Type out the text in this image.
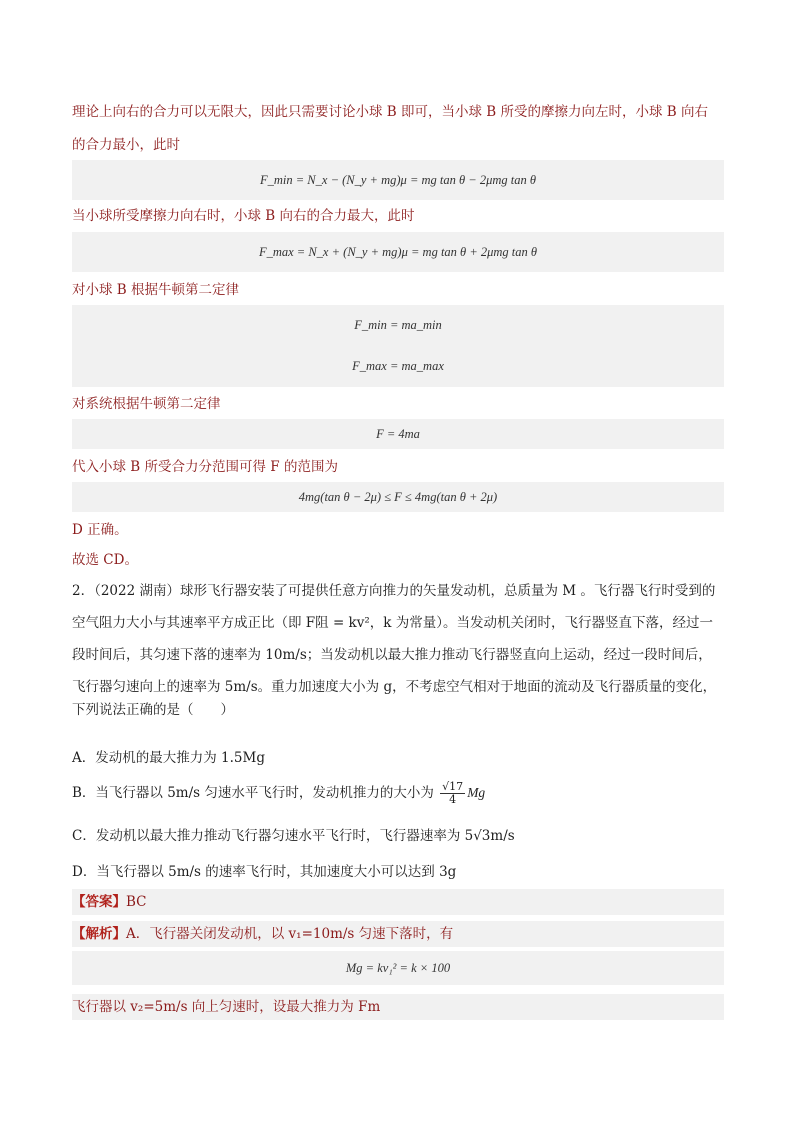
理论上向右的合力可以无限大，因此只需要讨论小球 B 即可，当小球 B 所受的摩擦力向左时，小球 B 向右
的合力最小，此时
F_min = N_x − (N_y + mg)μ = mg tan θ − 2μmg tan θ
当小球所受摩擦力向右时，小球 B 向右的合力最大，此时
F_max = N_x + (N_y + mg)μ = mg tan θ + 2μmg tan θ
对小球 B 根据牛顿第二定律
F_min = ma_min
F_max = ma_max
对系统根据牛顿第二定律
F = 4ma
代入小球 B 所受合力分范围可得 F 的范围为
4mg(tan θ − 2μ) ≤ F ≤ 4mg(tan θ + 2μ)
D 正确。
故选 CD。
2．（2022 湖南）球形飞行器安装了可提供任意方向推力的矢量发动机，总质量为 M 。飞行器飞行时受到的
空气阻力大小与其速率平方成正比（即 F阻 = kv²，k 为常量）。当发动机关闭时，飞行器竖直下落，经过一
段时间后，其匀速下落的速率为 10m/s；当发动机以最大推力推动飞行器竖直向上运动，经过一段时间后，
飞行器匀速向上的速率为 5m/s。重力加速度大小为 g，不考虑空气相对于地面的流动及飞行器质量的变化，
下列说法正确的是（　　）
A．发动机的最大推力为 1.5Mg
B．当飞行器以 5m/s 匀速水平飞行时，发动机推力的大小为 $\frac{√17}{4}$ Mg
C．发动机以最大推力推动飞行器匀速水平飞行时，飞行器速率为 5√3m/s
D．当飞行器以 5m/s 的速率飞行时，其加速度大小可以达到 3g
【答案】BC
【解析】A．飞行器关闭发动机，以 v₁=10m/s 匀速下落时，有
Mg = kv₁² = k × 100
飞行器以 v₂=5m/s 向上匀速时，设最大推力为 Fm
